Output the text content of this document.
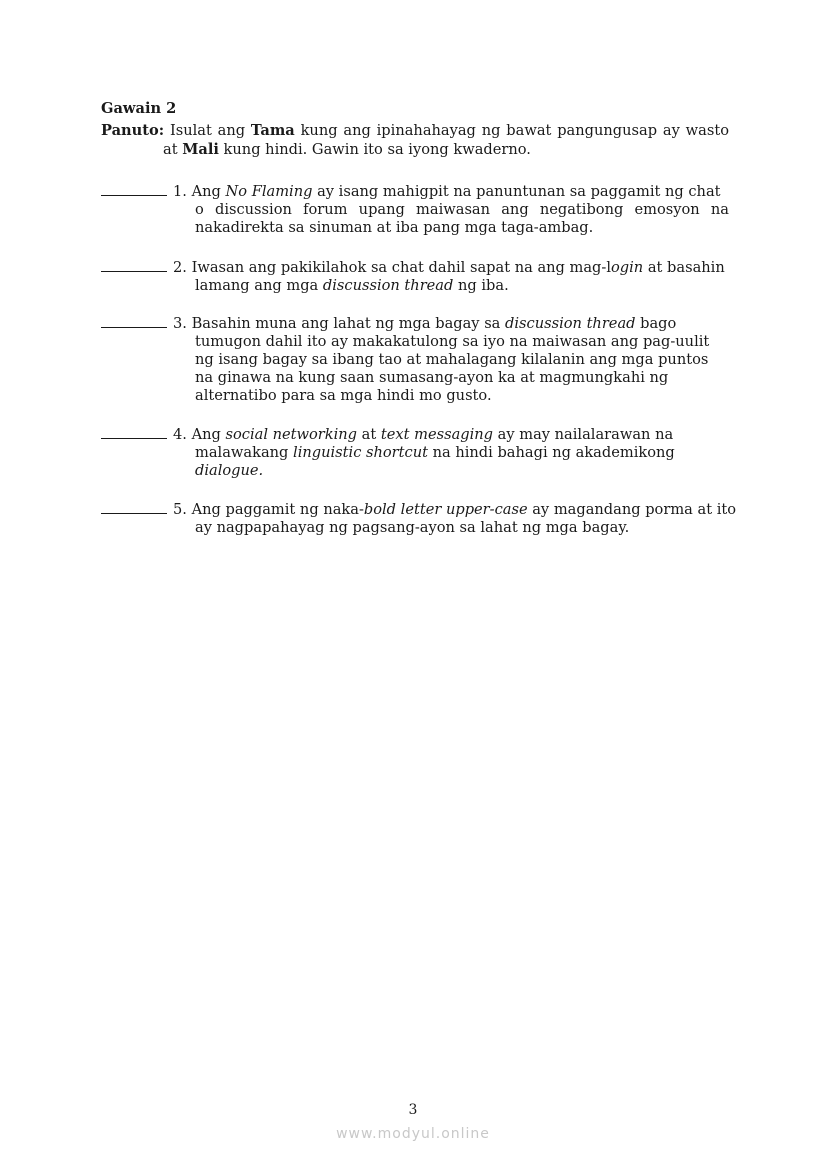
Gawain 2
Panuto: Isulat ang Tama kung ang ipinahahayag ng bawat pangungusap ay wasto
at Mali kung hindi. Gawin ito sa iyong kwaderno.
1. Ang No Flaming ay isang mahigpit na panuntunan sa paggamit ng chat
o discussion forum upang maiwasan ang negatibong emosyon na
nakadirekta sa sinuman at iba pang mga taga-ambag.
2. Iwasan ang pakikilahok sa chat dahil sapat na ang mag-login at basahin
lamang ang mga discussion thread ng iba.
3. Basahin muna ang lahat ng mga bagay sa discussion thread bago
tumugon dahil ito ay makakatulong sa iyo na maiwasan ang pag-uulit
ng isang bagay sa ibang tao at mahalagang kilalanin ang mga puntos
na ginawa na kung saan sumasang-ayon ka at magmungkahi ng
alternatibo para sa mga hindi mo gusto.
4. Ang social networking at text messaging ay may nailalarawan na
malawakang linguistic shortcut na hindi bahagi ng akademikong
dialogue.
5. Ang paggamit ng naka-bold letter upper-case ay magandang porma at ito
ay nagpapahayag ng pagsang-ayon sa lahat ng mga bagay.
3
www.modyul.online
